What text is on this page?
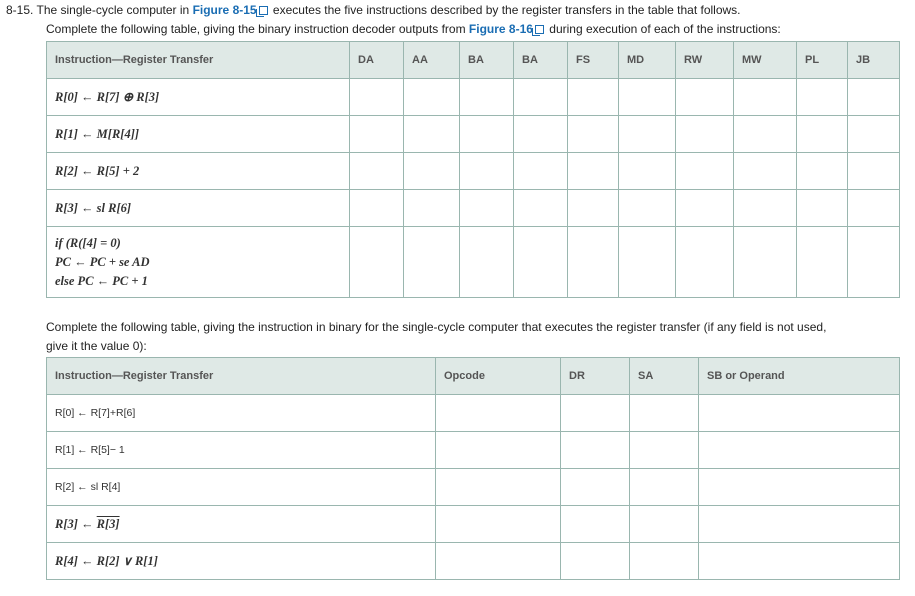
8-15. The single-cycle computer in Figure 8-15 executes the five instructions described by the register transfers in the table that follows.
Complete the following table, giving the binary instruction decoder outputs from Figure 8-16 during execution of each of the instructions:
Instruction—Register Transfer	DA	AA	BA	BA	FS	MD	RW	MW	PL	JB
R[0] ← R[7] ⊕ R[3]										
R[1] ← M[R[4]]										
R[2] ← R[5] + 2										
R[3] ← sl R[6]										

if (R([4] = 0)
PC ← PC + se AD
else PC ← PC + 1										

Complete the following table, giving the instruction in binary for the single-cycle computer that executes the register transfer (if any field is not used,
give it the value 0):
Instruction—Register Transfer	Opcode	DR	SA	SB or Operand
R[0] ← R[7]+R[6]				
R[1] ← R[5]− 1				
R[2] ← sl R[4]				
R[3] ← R[3]				
R[4] ← R[2] ∨ R[1]				
